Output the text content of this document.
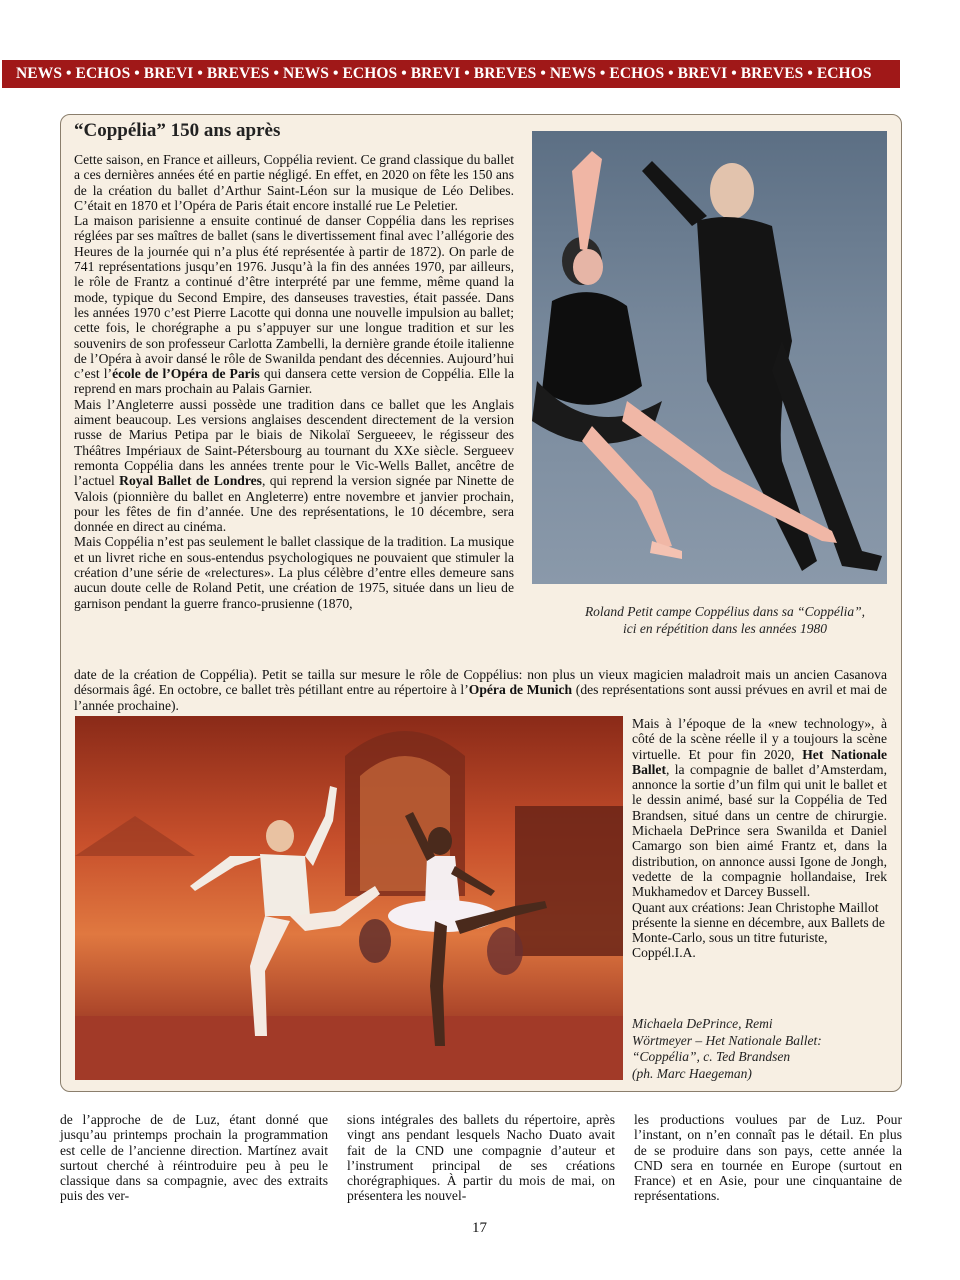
NEWS • ECHOS • BREVI • BREVES • NEWS • ECHOS • BREVI • BREVES • NEWS • ECHOS • BREVI • BREVES • ECHOS
“Coppélia” 150 ans après

Cette saison, en France et ailleurs, Coppélia revient. Ce grand classique du ballet a ces dernières années été en partie négligé. En effet, en 2020 on fête les 150 ans de la création du ballet d’Arthur Saint-Léon sur la musique de Léo Delibes. C’était en 1870 et l’Opéra de Paris était encore installé rue Le Peletier.

La maison parisienne a ensuite continué de danser Coppélia dans les reprises réglées par ses maîtres de ballet (sans le divertissement final avec l’allégorie des Heures de la journée qui n’a plus été représentée à partir de 1872). On parle de 741 représentations jusqu’en 1976. Jusqu’à la fin des années 1970, par ailleurs, le rôle de Frantz a continué d’être interprété par une femme, même quand la mode, typique du Second Empire, des danseuses travesties, était passée. Dans les années 1970 c’est Pierre Lacotte qui donna une nouvelle impulsion au ballet; cette fois, le chorégraphe a pu s’appuyer sur une longue tradition et sur les souvenirs de son professeur Carlotta Zambelli, la dernière grande étoile italienne de l’Opéra à avoir dansé le rôle de Swanilda pendant des décennies. Aujourd’hui c’est l’école de l’Opéra de Paris qui dansera cette version de Coppélia. Elle la reprend en mars prochain au Palais Garnier.

Mais l’Angleterre aussi possède une tradition dans ce ballet que les Anglais aiment beaucoup. Les versions anglaises descendent directement de la version russe de Marius Petipa par le biais de Nikolaï Sergueeev, le régisseur des Théâtres Impériaux de Saint-Pétersbourg au tournant du XXe siècle. Sergueev remonta Coppélia dans les années trente pour le Vic-Wells Ballet, ancêtre de l’actuel Royal Ballet de Londres, qui reprend la version signée par Ninette de Valois (pionnière du ballet en Angleterre) entre novembre et janvier prochain, pour les fêtes de fin d’année. Une des représentations, le 10 décembre, sera donnée en direct au cinéma.

Mais Coppélia n’est pas seulement le ballet classique de la tradition. La musique et un livret riche en sous-entendus psychologiques ne pouvaient que stimuler la création d’une série de «relectures». La plus célèbre d’entre elles demeure sans aucun doute celle de Roland Petit, une création de 1975, située dans un lieu de garnison pendant la guerre franco-prusienne (1870,

date de la création de Coppélia). Petit se tailla sur mesure le rôle de Coppélius: non plus un vieux magicien maladroit mais un ancien Casanova désormais âgé. En octobre, ce ballet très pétillant entre au répertoire à l’Opéra de Munich (des représentations sont aussi prévues en avril et mai de l’année prochaine).

Mais à l’époque de la «new technology», à côté de la scène réelle il y a toujours la scène virtuelle. Et pour fin 2020, Het Nationale Ballet, la compagnie de ballet d’Amsterdam, annonce la sortie d’un film qui unit le ballet et le dessin animé, basé sur la Coppélia de Ted Brandsen, situé dans un centre de chirurgie. Michaela DePrince sera Swanilda et Daniel Camargo son bien aimé Frantz et, dans la distribution, on annonce aussi Igone de Jongh, vedette de la compagnie hollandaise, Irek Mukhamedov et Darcey Bussell.

Quant aux créations: Jean Christophe Maillot présente la sienne en décembre, aux Ballets de Monte-Carlo, sous un titre futuriste, Coppél.I.A.

Roland Petit campe Coppélius dans sa “Coppélia”,
ici en répétition dans les années 1980
Michaela DePrince, Remi
Wörtmeyer – Het Nationale Ballet:
“Coppélia”, c. Ted Brandsen
(ph. Marc Haegeman)

de l’approche de de Luz, étant donné que jusqu’au printemps prochain la programmation est celle de l’ancienne direction. Martínez avait surtout cherché à réintroduire peu à peu le classique dans sa compagnie, avec des extraits puis des ver-

sions intégrales des ballets du répertoire, après vingt ans pendant lesquels Nacho Duato avait fait de la CND une compagnie d’auteur et l’instrument principal de ses créations chorégraphiques. À partir du mois de mai, on présentera les nouvel-

les productions voulues par de Luz. Pour l’instant, on n’en connaît pas le détail. En plus de se produire dans son pays, cette année la CND sera en tournée en Europe (surtout en France) et en Asie, pour une cinquantaine de représentations.

17
